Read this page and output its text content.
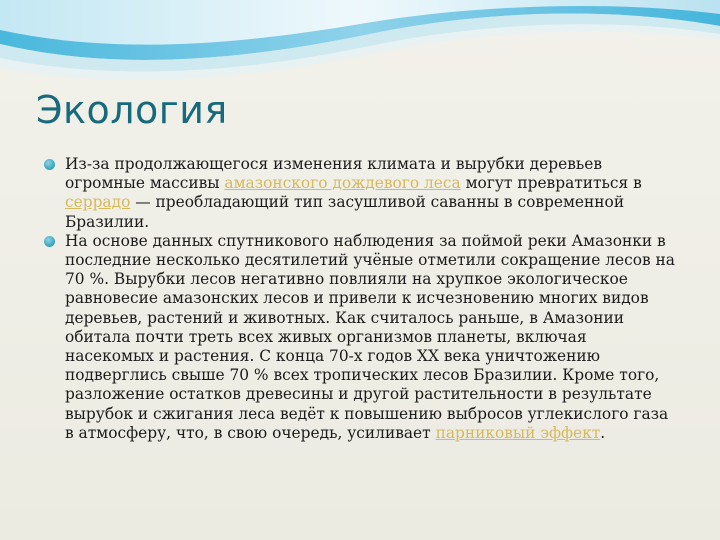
Экология
Из-за продолжающегося изменения климата и вырубки деревьев огромные массивы амазонского дождевого леса могут превратиться в серрадо — преобладающий тип засушливой саванны в современной Бразилии.
На основе данных спутникового наблюдения за поймой реки Амазонки в последние несколько десятилетий учёные отметили сокращение лесов на 70 %. Вырубки лесов негативно повлияли на хрупкое экологическое равновесие амазонских лесов и привели к исчезновению многих видов деревьев, растений и животных. Как считалось раньше, в Амазонии обитала почти треть всех живых организмов планеты, включая насекомых и растения. С конца 70-х годов XX века уничтожению подверглись свыше 70 % всех тропических лесов Бразилии. Кроме того, разложение остатков древесины и другой растительности в результате вырубок и сжигания леса ведёт к повышению выбросов углекислого газа в атмосферу, что, в свою очередь, усиливает парниковый эффект.
